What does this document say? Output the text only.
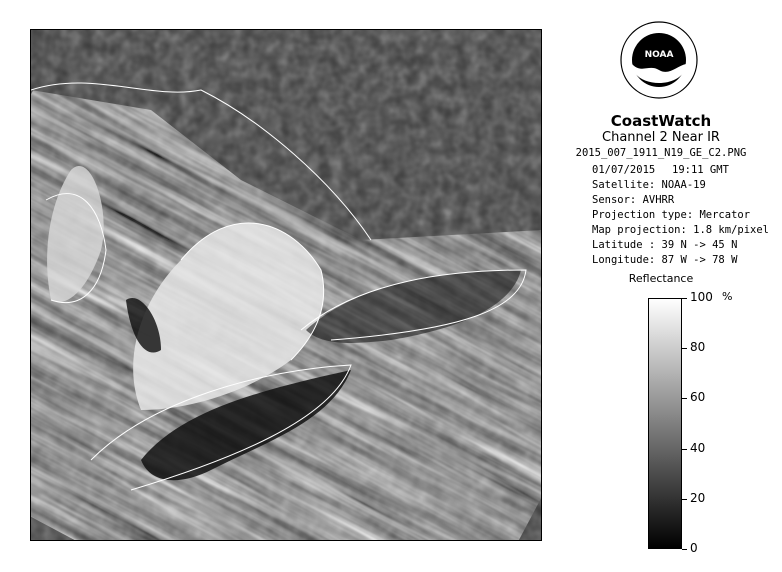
NOAA
CoastWatch
Channel 2 Near IR
2015_007_1911_N19_GE_C2.PNG
01/07/2015 19:11 GMT
Satellite: NOAA-19
Sensor: AVHRR
Projection type: Mercator
Map projection: 1.8 km/pixel
Latitude : 39 N -> 45 N
Longitude: 87 W -> 78 W
Reflectance
%
100
80
60
40
20
0
